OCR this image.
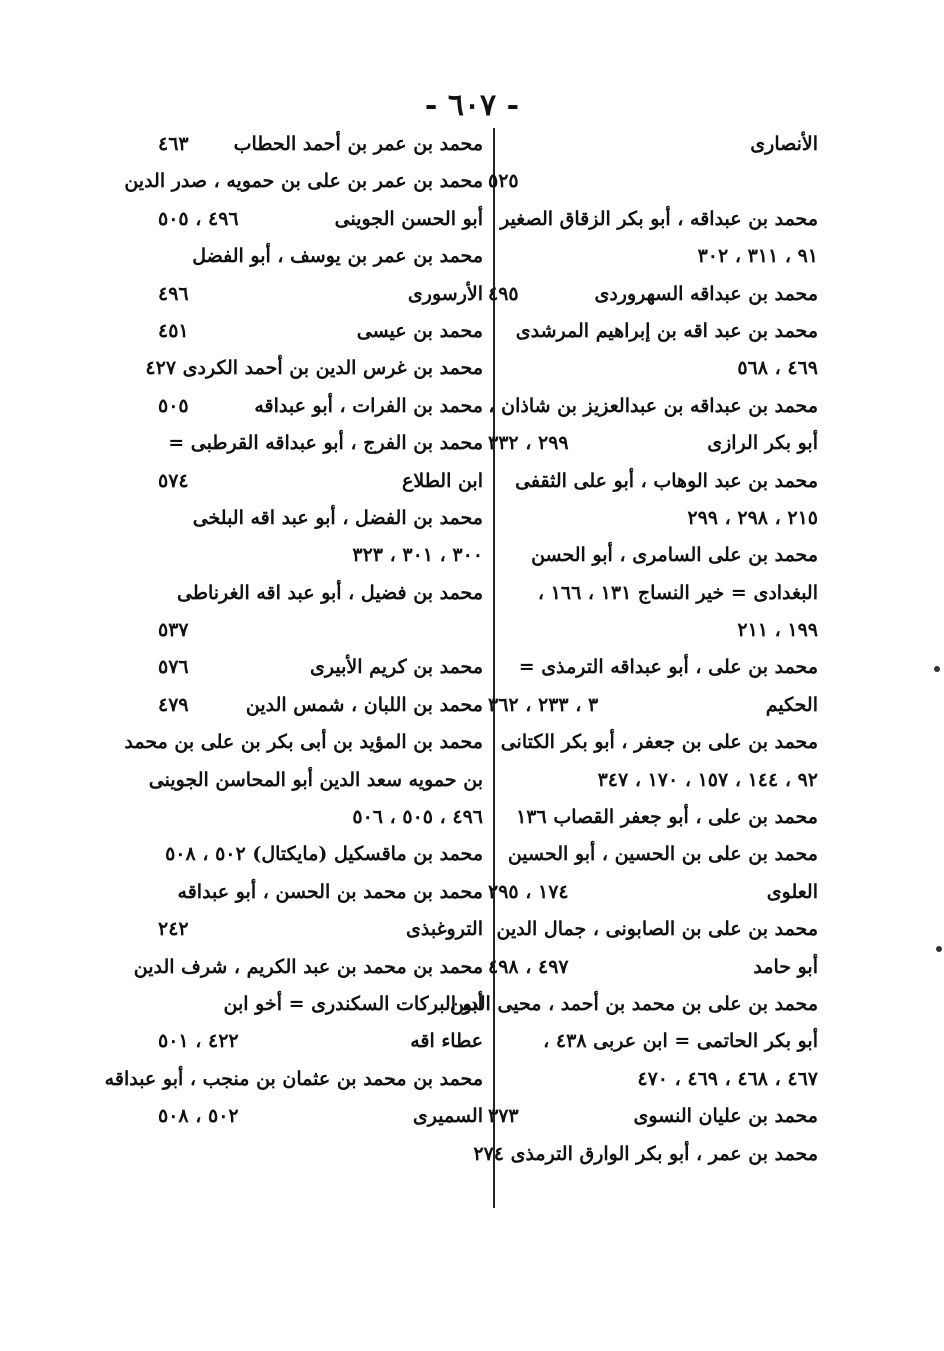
- ٦٠٧ -
الأنصاری
٥٢٥
محمد بن عبداقه ، أبو بكر الزقاق الصغير
٩١ ، ٣١١ ، ٣٠٢
محمد بن عبداقه السهروردى
٤٩٥
محمد بن عبد اقه بن إبراهيم المرشدى
٤٦٩ ، ٥٦٨
محمد بن عبداقه بن عبدالعزيز بن شاذان ،
أبو بكر الرازى
٢٩٩ ، ٣٣٢
محمد بن عبد الوهاب ، أبو على الثقفى
٢١٥ ، ٢٩٨ ، ٢٩٩
محمد بن على السامرى ، أبو الحسن
البغدادى = خير النساج ١٣١ ، ١٦٦ ،
١٩٩ ، ٢١١
محمد بن على ، أبو عبداقه الترمذى =
الحكيم
٣ ، ٢٣٣ ، ٣٦٢
محمد بن على بن جعفر ، أبو بكر الكتانى
٩٢ ، ١٤٤ ، ١٥٧ ، ١٧٠ ، ٣٤٧
محمد بن على ، أبو جعفر القصاب ١٣٦
محمد بن على بن الحسين ، أبو الحسين
العلوى
١٧٤ ، ٢٩٥
محمد بن على بن الصابونى ، جمال الدين
أبو حامد
٤٩٧ ، ٤٩٨
محمد بن على بن محمد بن أحمد ، محيى الدين
أبو بكر الحاتمى = ابن عربى ٤٣٨ ،
٤٦٧ ، ٤٦٨ ، ٤٦٩ ، ٤٧٠
محمد بن عليان النسوى
٣٧٣
محمد بن عمر ، أبو بكر الوارق الترمذى ٢٧٤
محمد بن عمر بن أحمد الحطاب
٤٦٣
محمد بن عمر بن على بن حمويه ، صدر الدين
أبو الحسن الجوينى
٤٩٦ ، ٥٠٥
محمد بن عمر بن يوسف ، أبو الفضل
الأرسوری
٤٩٦
محمد بن عيسى
٤٥١
محمد بن غرس الدين بن أحمد الكردى ٤٢٧
محمد بن الفرات ، أبو عبداقه
٥٠٥
محمد بن الفرج ، أبو عبداقه القرطبى =
ابن الطلاع
٥٧٤
محمد بن الفضل ، أبو عبد اقه البلخى
٣٠٠ ، ٣٠١ ، ٣٢٣
محمد بن فضيل ، أبو عبد اقه الغرناطى
٥٣٧
محمد بن كريم الأبيرى
٥٧٦
محمد بن اللبان ، شمس الدين
٤٧٩
محمد بن المؤيد بن أبى بكر بن على بن محمد
بن حمويه سعد الدين أبو المحاسن الجوينى
٤٩٦ ، ٥٠٥ ، ٥٠٦
محمد بن ماقسكيل (مايكتال) ٥٠٢ ، ٥٠٨
محمد بن محمد بن الحسن ، أبو عبداقه
التروغبذى
٢٤٢
محمد بن محمد بن عبد الكريم ، شرف الدين
أبو البركات السكندرى = أخو ابن
عطاء اقه
٤٢٢ ، ٥٠١
محمد بن محمد بن عثمان بن منجب ، أبو عبداقه
السميرى
٥٠٢ ، ٥٠٨
